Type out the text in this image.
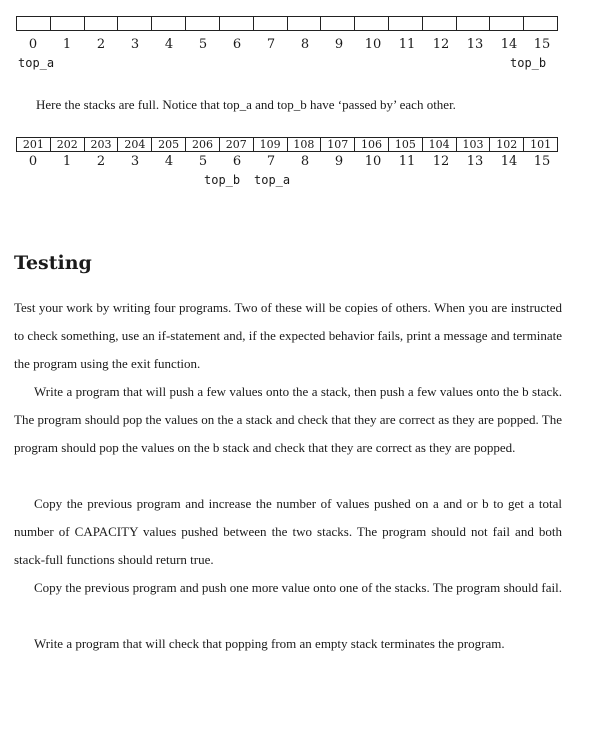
0	1	2	3	4	5	6	7	8	9	10	11	12	13	14	15
top_a	top_b
Here the stacks are full. Notice that top_a and top_b have ‘passed by’ each other.
201	202	203	204	205	206	207	109	108	107	106	105	104	103	102	101
0	1	2	3	4	5	6	7	8	9	10	11	12	13	14	15
top_b top_a
Testing

Test your work by writing four programs. Two of these will be copies of others. When you are instructed to check something, use an if-statement and, if the expected behavior fails, print a message and terminate the program using the exit function.

Write a program that will push a few values onto the a stack, then push a few values onto the b stack. The program should pop the values on the a stack and check that they are correct as they are popped. The program should pop the values on the b stack and check that they are correct as they are popped.

Copy the previous program and increase the number of values pushed on a and or b to get a total number of CAPACITY values pushed between the two stacks. The program should not fail and both stack-full functions should return true.

Copy the previous program and push one more value onto one of the stacks. The program should fail.

Write a program that will check that popping from an empty stack terminates the program.
